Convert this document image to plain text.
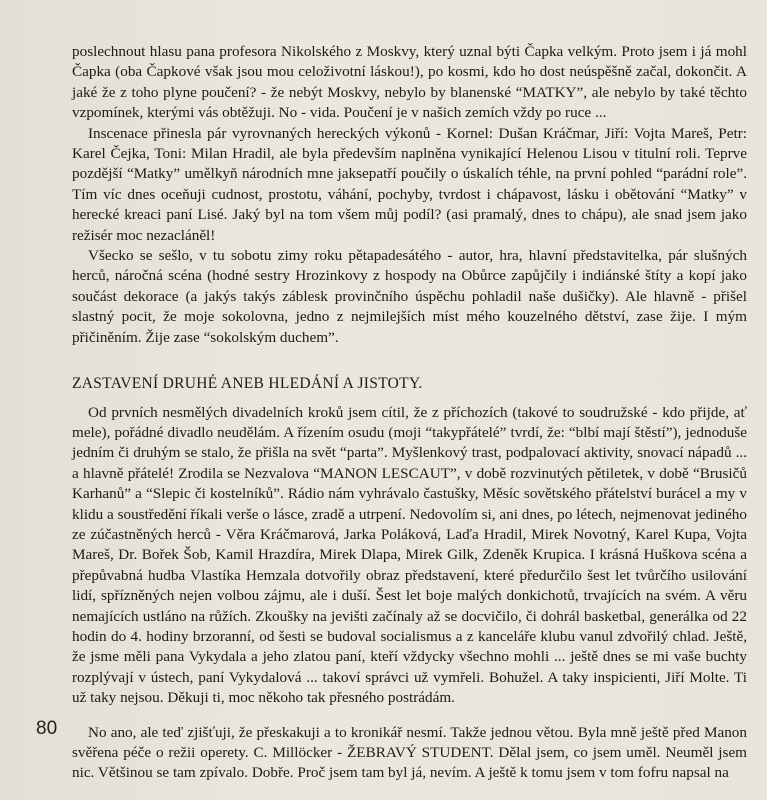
poslechnout hlasu pana profesora Nikolského z Moskvy, který uznal býti Čapka velkým. Proto jsem i já mohl Čapka (oba Čapkové však jsou mou celoživotní láskou!), po kosmi, kdo ho dost neúspěšně začal, dokončit. A jaké že z toho plyne poučení? - že nebýt Moskvy, nebylo by blanenské “MATKY”, ale nebylo by také těchto vzpomínek, kterými vás obtěžuji. No - vida. Poučení je v našich zemích vždy po ruce ...

Inscenace přinesla pár vyrovnaných hereckých výkonů - Kornel: Dušan Kráčmar, Jiří: Vojta Mareš, Petr: Karel Čejka, Toni: Milan Hradil, ale byla především naplněna vynikající Helenou Lisou v titulní roli. Teprve pozdější “Matky” umělkyň národních mne jaksepatří poučily o úskalích téhle, na první pohled “parádní role”. Tím víc dnes oceňuji cudnost, prostotu, váhání, pochyby, tvrdost i chápavost, lásku i obětování “Matky” v herecké kreaci paní Lisé. Jaký byl na tom všem můj podíl? (asi pramalý, dnes to chápu), ale snad jsem jako režisér moc nezacláněl!

Všecko se sešlo, v tu sobotu zimy roku pětapadesátého - autor, hra, hlavní představitelka, pár slušných herců, náročná scéna (hodné sestry Hrozinkovy z hospody na Obůrce zapůjčily i indiánské štíty a kopí jako součást dekorace (a jakýs takýs záblesk provinčního úspěchu pohladil naše dušičky). Ale hlavně - přišel slastný pocit, že moje sokolovna, jedno z nejmilejších míst mého kouzelného dětství, zase žije. I mým přičiněním. Žije zase “sokolským duchem”.

ZASTAVENÍ DRUHÉ ANEB HLEDÁNÍ A JISTOTY.

Od prvních nesmělých divadelních kroků jsem cítil, že z příchozích (takové to soudružské - kdo přijde, ať mele), pořádné divadlo neudělám. A řízením osudu (moji “takypřátelé” tvrdí, že: “blbí mají štěstí”), jednoduše jedním či druhým se stalo, že přišla na svět “parta”. Myšlenkový trast, podpalovací aktivity, snovací nápadů ... a hlavně přátelé! Zrodila se Nezvalova “MANON LESCAUT”, v době rozvinutých pětiletek, v době “Brusičů Karhanů” a “Slepic či kostelníků”. Rádio nám vyhrávalo častušky, Měsíc sovětského přátelství burácel a my v klidu a soustředění říkali verše o lásce, zradě a utrpení. Nedovolím si, ani dnes, po létech, nejmenovat jediného ze zúčastněných herců - Věra Kráčmarová, Jarka Poláková, Laďa Hradil, Mirek Novotný, Karel Kupa, Vojta Mareš, Dr. Bořek Šob, Kamil Hrazdíra, Mirek Dlapa, Mirek Gilk, Zdeněk Krupica. I krásná Huškova scéna a přepůvabná hudba Vlastíka Hemzala dotvořily obraz představení, které předurčilo šest let tvůrčího usilování lidí, spřízněných nejen volbou zájmu, ale i duší. Šest let boje malých donkichotů, trvajících na svém. A věru nemajících ustláno na růžích. Zkoušky na jevišti začínaly až se docvičilo, či dohrál basketbal, generálka od 22 hodin do 4. hodiny brzoranní, od šesti se budoval socialismus a z kanceláře klubu vanul zdvořilý chlad. Ještě, že jsme měli pana Vykydala a jeho zlatou paní, kteří vždycky všechno mohli ... ještě dnes se mi vaše buchty rozplývají v ústech, paní Vykydalová ... takoví správci už vymřeli. Bohužel. A taky inspicienti, Jiří Molte. Ti už taky nejsou. Děkuji ti, moc někoho tak přesného postrádám.

No ano, ale teď zjišťuji, že přeskakuji a to kronikář nesmí. Takže jednou větou. Byla mně ještě před Manon svěřena péče o režii operety. C. Millöcker - ŽEBRAVÝ STUDENT. Dělal jsem, co jsem uměl. Neuměl jsem nic. Většinou se tam zpívalo. Dobře. Proč jsem tam byl já, nevím. A ještě k tomu jsem v tom fofru napsal na

80
